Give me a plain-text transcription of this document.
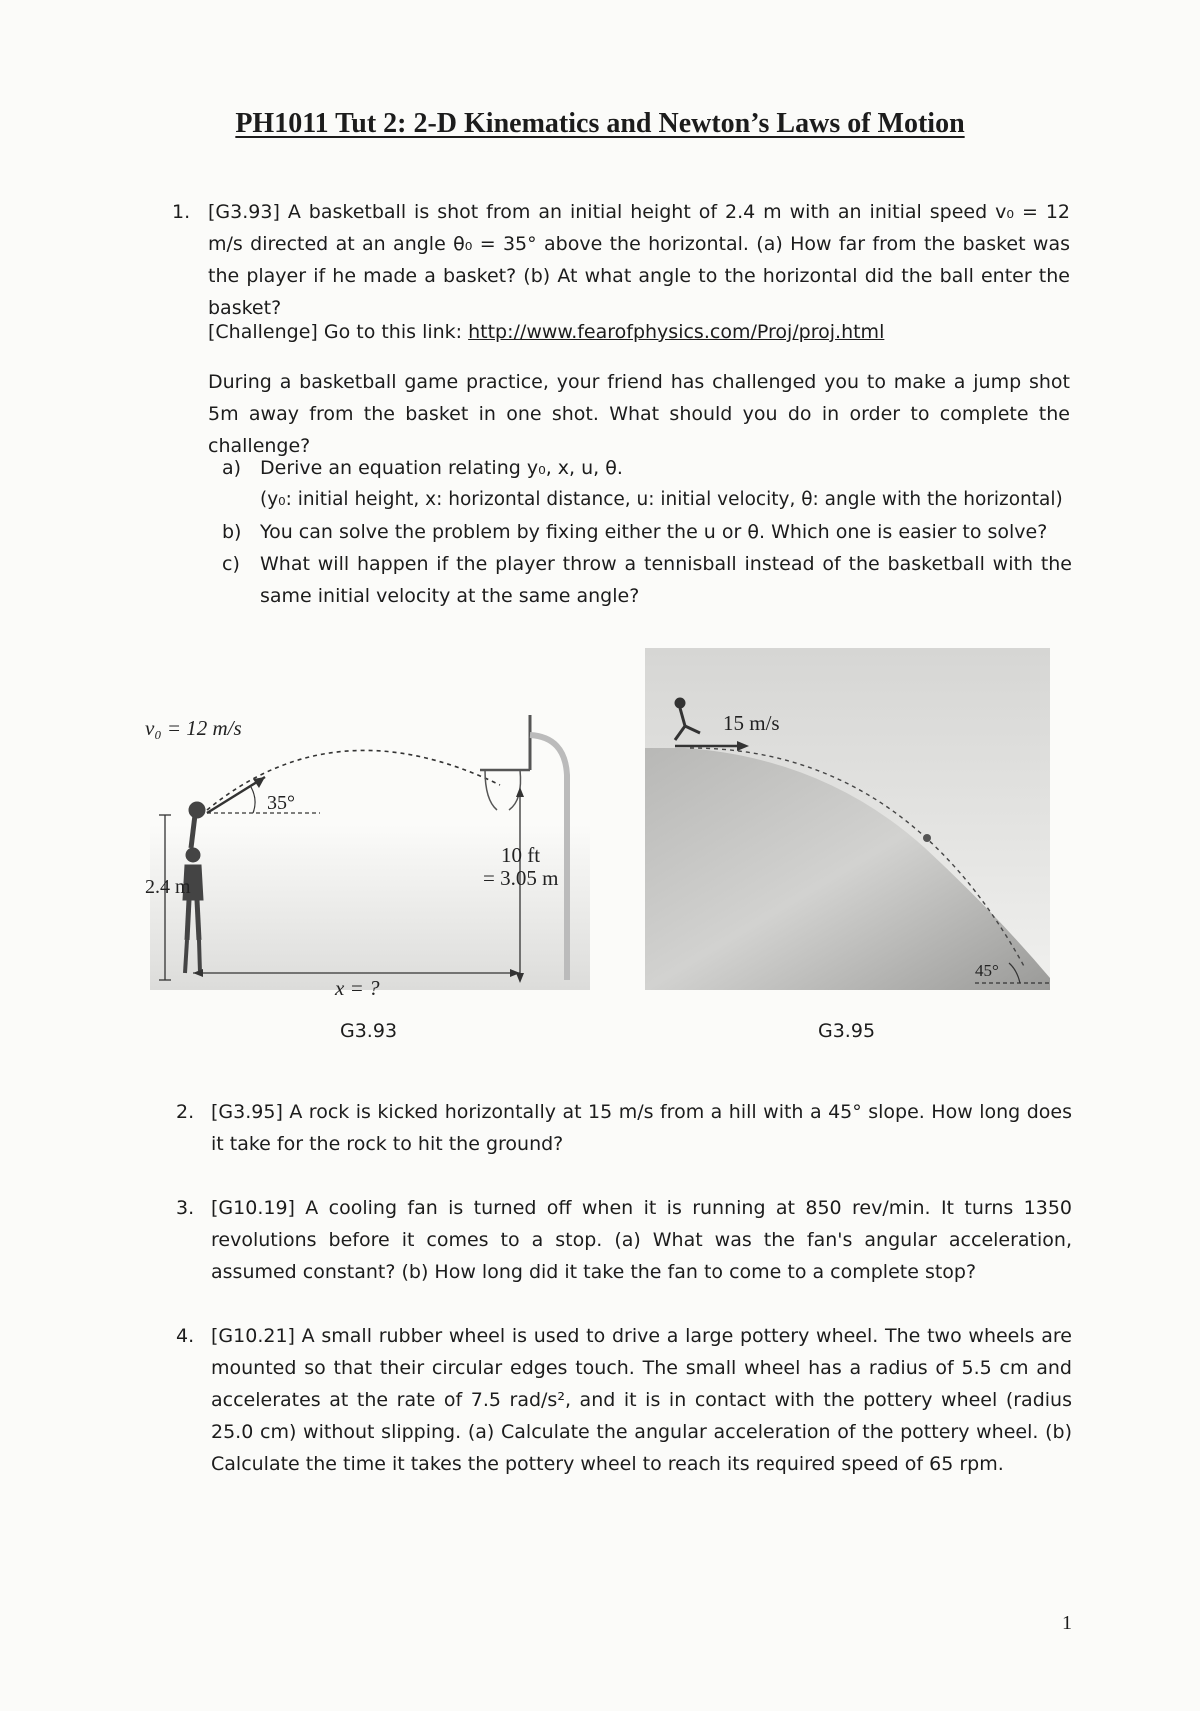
PH1011 Tut 2: 2-D Kinematics and Newton’s Laws of Motion
1. [G3.93] A basketball is shot from an initial height of 2.4 m with an initial speed v₀ = 12 m/s directed at an angle θ₀ = 35° above the horizontal. (a) How far from the basket was the player if he made a basket? (b) At what angle to the horizontal did the ball enter the basket?
[Challenge] Go to this link: http://www.fearofphysics.com/Proj/proj.html
During a basketball game practice, your friend has challenged you to make a jump shot 5m away from the basket in one shot. What should you do in order to complete the challenge?
a) Derive an equation relating y₀, x, u, θ.
(y₀: initial height, x: horizontal distance, u: initial velocity, θ: angle with the horizontal)
b) You can solve the problem by fixing either the u or θ. Which one is easier to solve?
c) What will happen if the player throw a tennisball instead of the basketball with the same initial velocity at the same angle?
v₀ = 12 m/s
35°
2.4 m
10 ft
= 3.05 m
x = ?
G3.93
15 m/s
45°
G3.95
2. [G3.95] A rock is kicked horizontally at 15 m/s from a hill with a 45° slope. How long does it take for the rock to hit the ground?
3. [G10.19] A cooling fan is turned off when it is running at 850 rev/min. It turns 1350 revolutions before it comes to a stop. (a) What was the fan's angular acceleration, assumed constant? (b) How long did it take the fan to come to a complete stop?
4. [G10.21] A small rubber wheel is used to drive a large pottery wheel. The two wheels are mounted so that their circular edges touch. The small wheel has a radius of 5.5 cm and accelerates at the rate of 7.5 rad/s², and it is in contact with the pottery wheel (radius 25.0 cm) without slipping. (a) Calculate the angular acceleration of the pottery wheel. (b) Calculate the time it takes the pottery wheel to reach its required speed of 65 rpm.
1
